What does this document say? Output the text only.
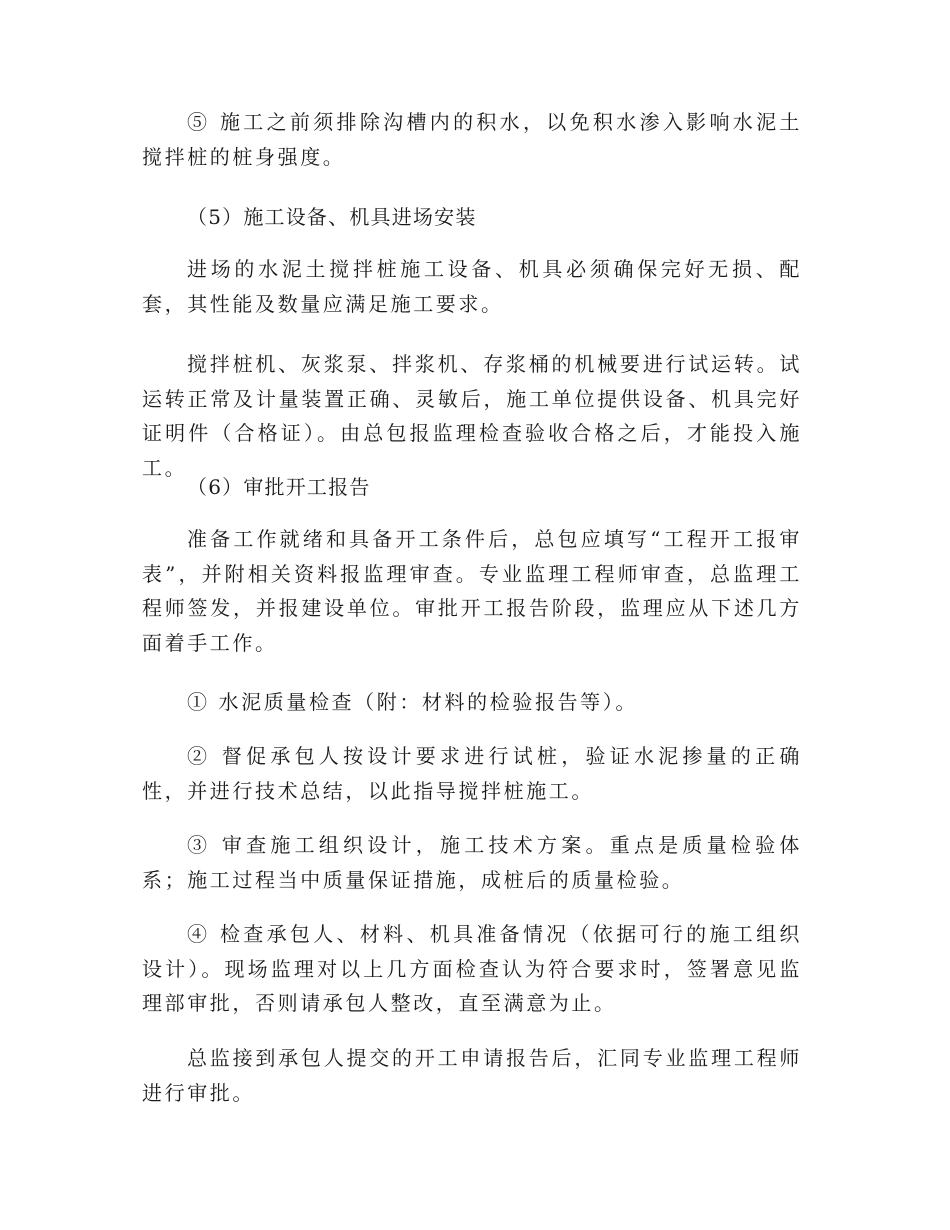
⑤ 施工之前须排除沟槽内的积水，以免积水渗入影响水泥土搅拌桩的桩身强度。

（5）施工设备、机具进场安装

进场的水泥土搅拌桩施工设备、机具必须确保完好无损、配套，其性能及数量应满足施工要求。

搅拌桩机、灰浆泵、拌浆机、存浆桶的机械要进行试运转。试运转正常及计量装置正确、灵敏后，施工单位提供设备、机具完好证明件（合格证）。由总包报监理检查验收合格之后，才能投入施工。

（6）审批开工报告

准备工作就绪和具备开工条件后，总包应填写“工程开工报审表”，并附相关资料报监理审查。专业监理工程师审查，总监理工程师签发，并报建设单位。审批开工报告阶段，监理应从下述几方面着手工作。

① 水泥质量检查（附：材料的检验报告等）。

② 督促承包人按设计要求进行试桩，验证水泥掺量的正确性，并进行技术总结，以此指导搅拌桩施工。

③ 审查施工组织设计，施工技术方案。重点是质量检验体系；施工过程当中质量保证措施，成桩后的质量检验。

④ 检查承包人、材料、机具准备情况（依据可行的施工组织设计）。现场监理对以上几方面检查认为符合要求时，签署意见监理部审批，否则请承包人整改，直至满意为止。

总监接到承包人提交的开工申请报告后，汇同专业监理工程师进行审批。
